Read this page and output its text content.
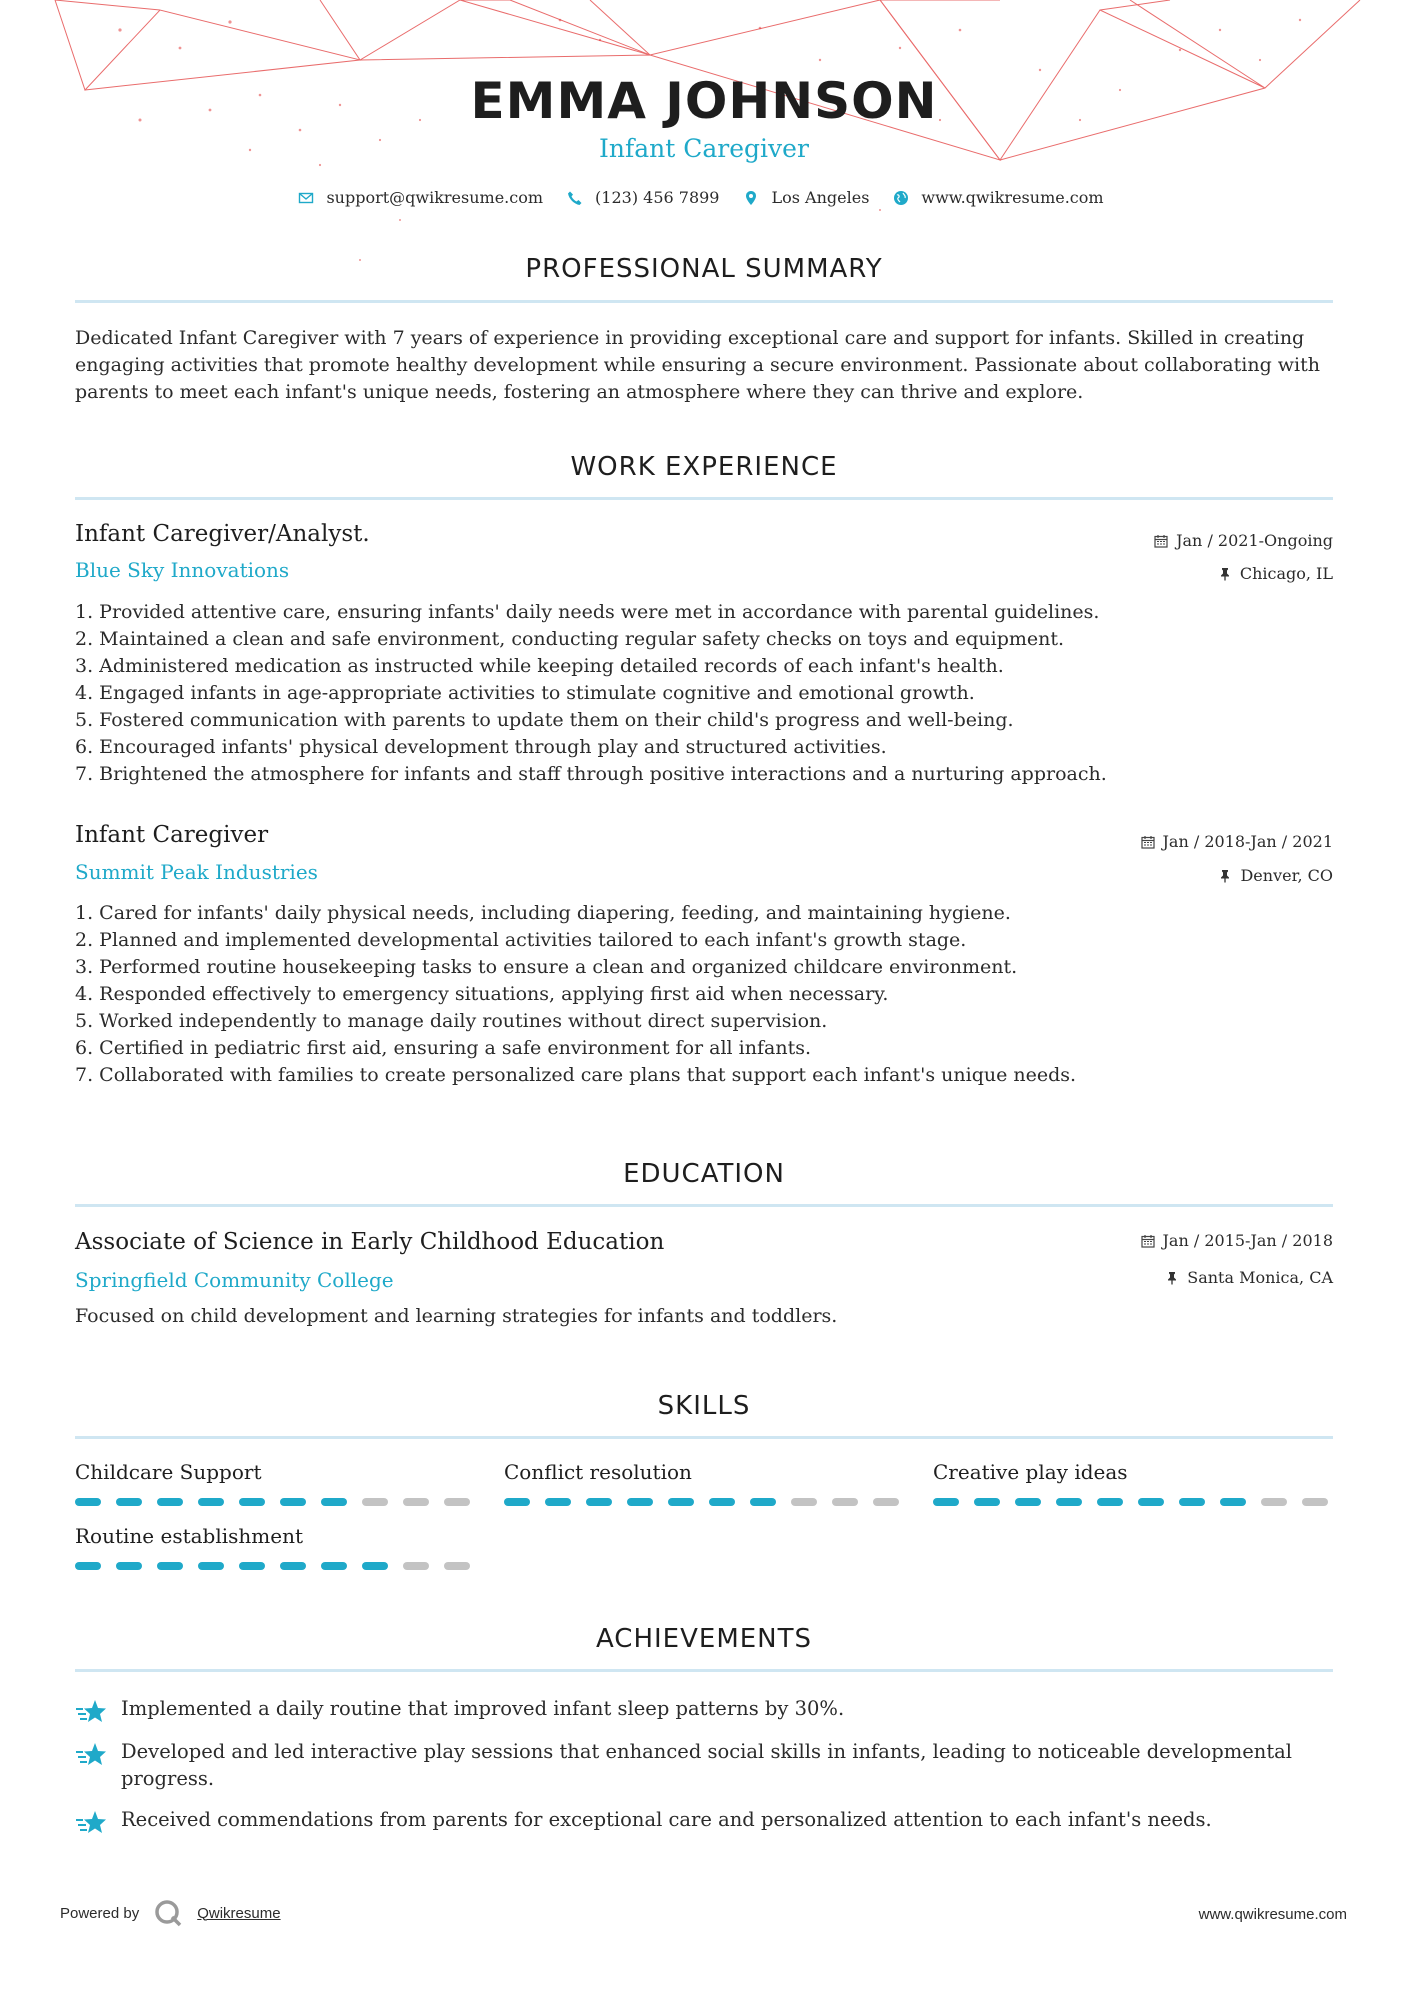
EMMA JOHNSON
Infant Caregiver
support@qwikresume.com	(123) 456 7899	Los Angeles	www.qwikresume.com
PROFESSIONAL SUMMARY
Dedicated Infant Caregiver with 7 years of experience in providing exceptional care and support for infants. Skilled in creating engaging activities that promote healthy development while ensuring a secure environment. Passionate about collaborating with parents to meet each infant's unique needs, fostering an atmosphere where they can thrive and explore.
WORK EXPERIENCE
Infant Caregiver/Analyst.
Blue Sky Innovations
Jan / 2021-Ongoing
Chicago, IL
1. Provided attentive care, ensuring infants' daily needs were met in accordance with parental guidelines.
2. Maintained a clean and safe environment, conducting regular safety checks on toys and equipment.
3. Administered medication as instructed while keeping detailed records of each infant's health.
4. Engaged infants in age-appropriate activities to stimulate cognitive and emotional growth.
5. Fostered communication with parents to update them on their child's progress and well-being.
6. Encouraged infants' physical development through play and structured activities.
7. Brightened the atmosphere for infants and staff through positive interactions and a nurturing approach.
Infant Caregiver
Summit Peak Industries
Jan / 2018-Jan / 2021
Denver, CO
1. Cared for infants' daily physical needs, including diapering, feeding, and maintaining hygiene.
2. Planned and implemented developmental activities tailored to each infant's growth stage.
3. Performed routine housekeeping tasks to ensure a clean and organized childcare environment.
4. Responded effectively to emergency situations, applying first aid when necessary.
5. Worked independently to manage daily routines without direct supervision.
6. Certified in pediatric first aid, ensuring a safe environment for all infants.
7. Collaborated with families to create personalized care plans that support each infant's unique needs.
EDUCATION
Associate of Science in Early Childhood Education
Springfield Community College
Jan / 2015-Jan / 2018
Santa Monica, CA
Focused on child development and learning strategies for infants and toddlers.
SKILLS
Childcare Support	Conflict resolution	Creative play ideas
Routine establishment
ACHIEVEMENTS
Implemented a daily routine that improved infant sleep patterns by 30%.
Developed and led interactive play sessions that enhanced social skills in infants, leading to noticeable developmental progress.
Received commendations from parents for exceptional care and personalized attention to each infant's needs.
Powered by	Qwikresume	www.qwikresume.com
